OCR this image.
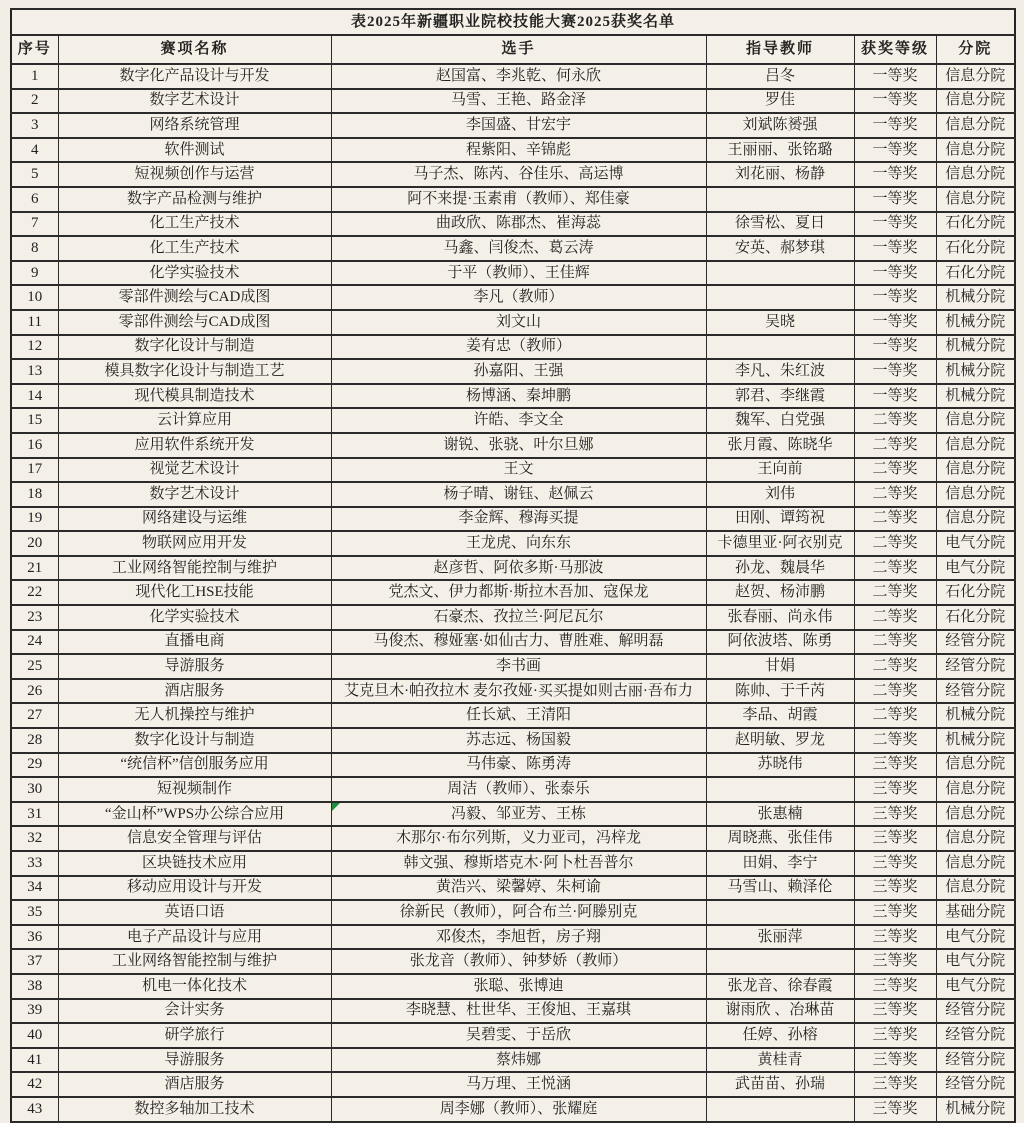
表2025年新疆职业院校技能大赛2025获奖名单					
序号	赛项名称	选手	指导教师	获奖等级	分院
1	数字化产品设计与开发	赵国富、李兆乾、何永欣	吕冬	一等奖	信息分院
2	数字艺术设计	马雪、王艳、路金泽	罗佳	一等奖	信息分院
3	网络系统管理	李国盛、甘宏宇	刘斌陈赟强	一等奖	信息分院
4	软件测试	程紫阳、辛锦彪	王丽丽、张铭璐	一等奖	信息分院
5	短视频创作与运营	马子杰、陈芮、谷佳乐、高运博	刘花丽、杨静	一等奖	信息分院
6	数字产品检测与维护	阿不来提·玉素甫（教师）、郑佳豪		一等奖	信息分院
7	化工生产技术	曲政欣、陈郡杰、崔海蕊	徐雪松、夏日	一等奖	石化分院
8	化工生产技术	马鑫、闫俊杰、葛云涛	安英、郝梦琪	一等奖	石化分院
9	化学实验技术	于平（教师）、王佳辉		一等奖	石化分院
10	零部件测绘与CAD成图	李凡（教师）		一等奖	机械分院
11	零部件测绘与CAD成图	刘文山	吴晓	一等奖	机械分院
12	数字化设计与制造	姜有忠（教师）		一等奖	机械分院
13	模具数字化设计与制造工艺	孙嘉阳、王强	李凡、朱红波	一等奖	机械分院
14	现代模具制造技术	杨博涵、秦坤鹏	郭君、李继霞	一等奖	机械分院
15	云计算应用	许皓、李文全	魏军、白党强	二等奖	信息分院
16	应用软件系统开发	谢锐、张骁、叶尔旦娜	张月霞、陈晓华	二等奖	信息分院
17	视觉艺术设计	王文	王向前	二等奖	信息分院
18	数字艺术设计	杨子晴、谢钰、赵佩云	刘伟	二等奖	信息分院
19	网络建设与运维	李金辉、穆海买提	田刚、谭筠祝	二等奖	信息分院
20	物联网应用开发	王龙虎、向东东	卡德里亚·阿衣别克	二等奖	电气分院
21	工业网络智能控制与维护	赵彦哲、阿依多斯·马那波	孙龙、魏晨华	二等奖	电气分院
22	现代化工HSE技能	党杰文、伊力都斯·斯拉木吾加、寇保龙	赵贺、杨沛鹏	二等奖	石化分院
23	化学实验技术	石豪杰、孜拉兰·阿尼瓦尔	张春丽、尚永伟	二等奖	石化分院
24	直播电商	马俊杰、穆娅塞·如仙古力、曹胜难、解明磊	阿依波塔、陈勇	二等奖	经管分院
25	导游服务	李书画	甘娟	二等奖	经管分院
26	酒店服务	艾克旦木·帕孜拉木 麦尔孜娅·买买提如则古丽·吾布力	陈帅、于千芮	二等奖	经管分院
27	无人机操控与维护	任长斌、王清阳	李品、胡霞	二等奖	机械分院
28	数字化设计与制造	苏志远、杨国毅	赵明敏、罗龙	二等奖	机械分院
29	“统信杯”信创服务应用	马伟豪、陈勇涛	苏晓伟	三等奖	信息分院
30	短视频制作	周洁（教师）、张泰乐		三等奖	信息分院
31	“金山杯”WPS办公综合应用	冯毅、邹亚芳、王栋	张惠楠	三等奖	信息分院
32	信息安全管理与评估	木那尔·布尔列斯，义力亚司，冯梓龙	周晓燕、张佳伟	三等奖	信息分院
33	区块链技术应用	韩文强、穆斯塔克木·阿卜杜吾普尔	田娟、李宁	三等奖	信息分院
34	移动应用设计与开发	黄浩兴、梁馨婷、朱柯谕	马雪山、赖泽伦	三等奖	信息分院
35	英语口语	徐新民（教师），阿合布兰·阿滕别克		三等奖	基础分院
36	电子产品设计与应用	邓俊杰，李旭哲，房子翔	张丽萍	三等奖	电气分院
37	工业网络智能控制与维护	张龙音（教师）、钟梦娇（教师）		三等奖	电气分院
38	机电一体化技术	张聪、张博迪	张龙音、徐春霞	三等奖	电气分院
39	会计实务	李晓慧、杜世华、王俊旭、王嘉琪	谢雨欣 、冶琳苗	三等奖	经管分院
40	研学旅行	吴碧雯、于岳欣	任婷、孙榕	三等奖	经管分院
41	导游服务	蔡炜娜	黄桂青	三等奖	经管分院
42	酒店服务	马万理、王悦涵	武苗苗、孙瑞	三等奖	经管分院
43	数控多轴加工技术	周李娜（教师）、张耀庭		三等奖	机械分院
